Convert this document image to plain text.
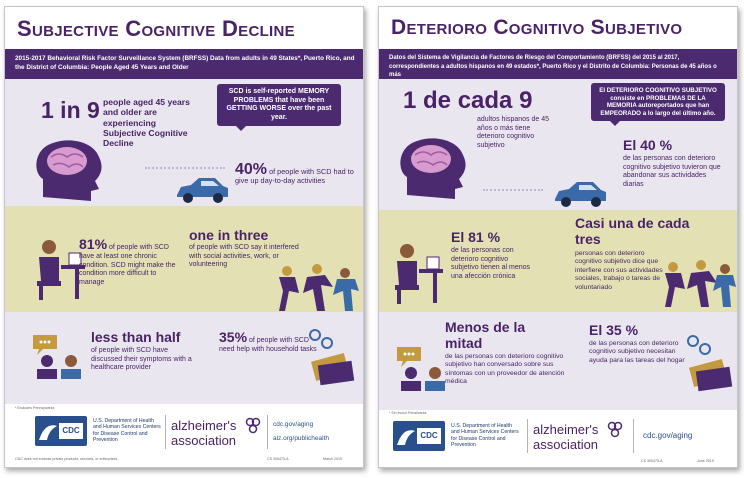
Subjective Cognitive Decline
2015-2017 Behavioral Risk Factor Surveillance System (BRFSS) Data from adults in 49 States*, Puerto Rico, and the District of Columbia: People Aged 45 Years and Older
SCD is self-reported MEMORY PROBLEMS that have been GETTING WORSE over the past year.
1 in 9 people aged 45 years and older are experiencing Subjective Cognitive Decline
40% of people with SCD had to give up day-to-day activities
81% of people with SCD have at least one chronic condition. SCD might make the condition more difficult to manage
one in three
of people with SCD say it interfered with social activities, work, or volunteering
less than half
of people with SCD have discussed their symptoms with a healthcare provider
35% of people with SCD need help with household tasks
* Excludes Pennsylvania
CDC
U.S. Department of Health and Human Services Centers for Disease Control and Prevention
alzheimer's
association
cdc.gov/aging
alz.org/publichealth
CDC does not endorse private products, services, or enterprises.	CS 300475-A	March 2019
Deterioro Cognitivo Subjetivo
Datos del Sistema de Vigilancia de Factores de Riesgo del Comportamiento (BRFSS) del 2015 al 2017, correspondientes a adultos hispanos en 49 estados*, Puerto Rico y el Distrito de Columbia: Personas de 45 años o más
El DETERIORO COGNITIVO SUBJETIVO consiste en PROBLEMAS DE LA MEMORIA autoreportados que han EMPEORADO a lo largo del último año.
1 de cada 9
adultos hispanos de 45 años o más tiene deterioro cognitivo subjetivo	El 40 %
de las personas con deterioro cognitivo subjetivo tuvieron que abandonar sus actividades diarias
El 81 %
de las personas con deterioro cognitivo subjetivo tienen al menos una afección crónica
Casi una de cada tres
personas con deterioro cognitivo subjetivo dice que interfiere con sus actividades sociales, trabajo o tareas de voluntariado
Menos de la mitad
de las personas con deterioro cognitivo subjetivo han conversado sobre sus síntomas con un proveedor de atención médica
El 35 %
de las personas con deterioro cognitivo subjetivo necesitan ayuda para las tareas del hogar
* Sin incluir Pensilvania
CDC
U.S. Department of Health and Human Services Centers for Disease Control and Prevention
alzheimer's
association
cdc.gov/aging
CS 300475-A	June 2019
